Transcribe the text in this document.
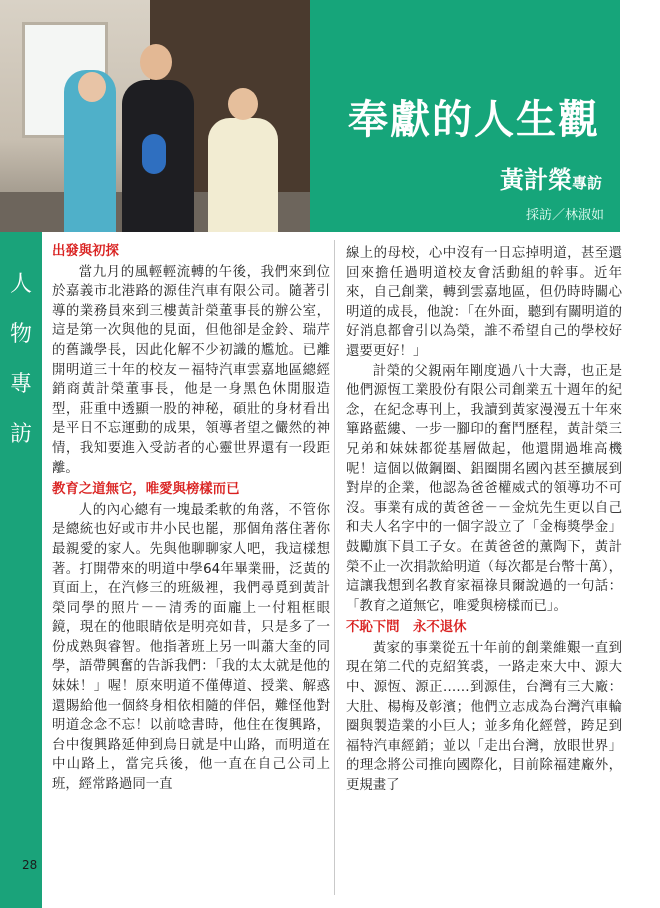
奉獻的人生觀
黃計榮專訪
採訪／林淑如
人物專訪
28
出發與初探

當九月的風輕輕流轉的午後，我們來到位於嘉義市北港路的源佳汽車有限公司。隨著引導的業務員來到三樓黃計榮董事長的辦公室，這是第一次與他的見面，但他卻是金鈴、瑞芹的舊識學長，因此化解不少初識的尷尬。已離開明道三十年的校友－福特汽車雲嘉地區總經銷商黃計榮董事長，他是一身黑色休閒服造型，莊重中透顯一股的神秘，碩壯的身材看出是平日不忘運動的成果，領導者望之儼然的神情，我知要進入受訪者的心靈世界還有一段距離。

教育之道無它，唯愛與榜樣而已

人的內心總有一塊最柔軟的角落，不管你是總統也好或市井小民也罷，那個角落住著你最親愛的家人。先與他聊聊家人吧，我這樣想著。打開帶來的明道中學64年畢業冊，泛黃的頁面上，在汽修三的班級裡，我們尋覓到黃計榮同學的照片－－清秀的面龐上一付粗框眼鏡，現在的他眼睛依是明亮如昔，只是多了一份成熟與睿智。他指著班上另一叫蕭大奎的同學，語帶興奮的告訴我們：「我的太太就是他的妹妹！」喔！原來明道不僅傳道、授業、解惑還賜給他一個終身相依相隨的伴侶，難怪他對明道念念不忘！以前唸書時，他住在復興路，台中復興路延伸到烏日就是中山路，而明道在中山路上，當完兵後，他一直在自己公司上班，經常路過同一直

線上的母校，心中沒有一日忘掉明道，甚至還回來擔任過明道校友會活動組的幹事。近年來，自己創業，轉到雲嘉地區，但仍時時關心明道的成長，他說：「在外面，聽到有關明道的好消息都會引以為榮，誰不希望自己的學校好還要更好！」

計榮的父親兩年剛度過八十大壽，也正是他們源恆工業股份有限公司創業五十週年的紀念，在紀念專刊上，我讀到黃家漫漫五十年來篳路藍縷、一步一腳印的奮鬥歷程，黃計榮三兄弟和妹妹都從基層做起，他還開過堆高機呢！這個以做鋼圈、鋁圈開名國內甚至擴展到對岸的企業，他認為爸爸權威式的領導功不可沒。事業有成的黃爸爸－－金炕先生更以自己和夫人名字中的一個字設立了「金梅獎學金」鼓勵旗下員工子女。在黃爸爸的薰陶下，黃計榮不止一次捐款給明道（每次都是台幣十萬），這讓我想到名教育家福祿貝爾說過的一句話：「教育之道無它，唯愛與榜樣而已」。

不恥下問　永不退休

黃家的事業從五十年前的創業維艱一直到現在第二代的克紹箕裘，一路走來大中、源大中、源恆、源正……到源佳，台灣有三大廠：大肚、楊梅及彰濱；他們立志成為台灣汽車輪圈與製造業的小巨人；並多角化經營，跨足到福特汽車經銷；並以「走出台灣，放眼世界」的理念將公司推向國際化，目前除福建廠外，更規畫了
